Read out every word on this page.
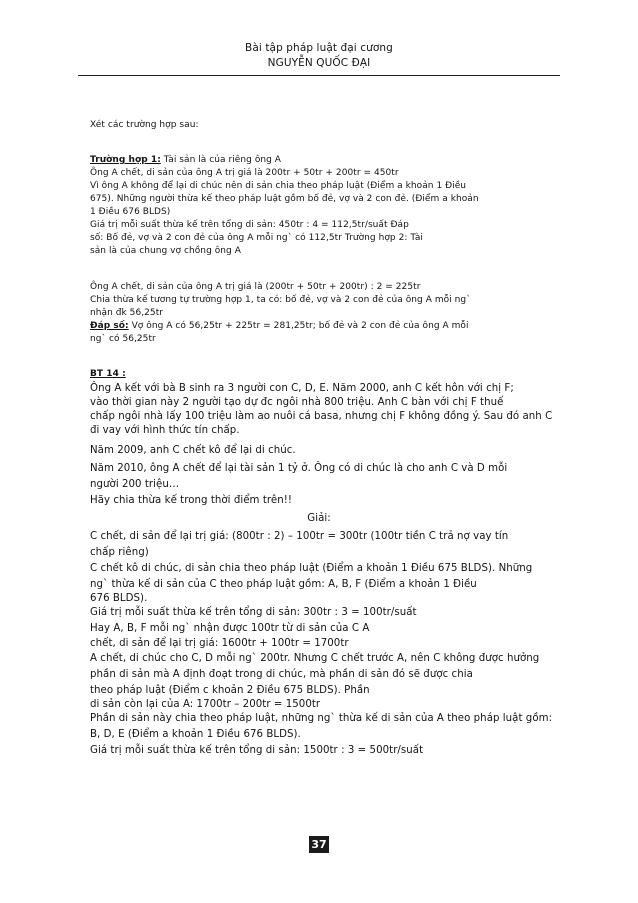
Bài tập pháp luật đại cương
NGUYỄN QUỐC ĐẠI
Xét các trường hợp sau:
Trường hợp 1: Tài sản là của riêng ông A
Ông A chết, di sản của ông A trị giá là 200tr + 50tr + 200tr = 450tr
Vì ông A không để lại di chúc nên di sản chia theo pháp luật (Điểm a khoản 1 Điều
675). Những người thừa kế theo pháp luật gồm bố đẻ, vợ và 2 con đẻ. (Điểm a khoản
1 Điều 676 BLDS)
Giá trị mỗi suất thừa kế trên tổng di sản: 450tr : 4 = 112,5tr/suất Đáp
số: Bố đẻ, vợ và 2 con đẻ của ông A mỗi ng` có 112,5tr Trường hợp 2: Tài
sản là của chung vợ chồng ông A
Ông A chết, di sản của ông A trị giá là (200tr + 50tr + 200tr) : 2 = 225tr
Chia thừa kế tương tự trường hợp 1, ta có: bố đẻ, vợ và 2 con đẻ của ông A mỗi ng`
nhận đk 56,25tr
Đáp số: Vợ ông A có 56,25tr + 225tr = 281,25tr; bố đẻ và 2 con đẻ của ông A mỗi
ng` có 56,25tr
BT 14 :
Ông A kết với bà B sinh ra 3 người con C, D, E. Năm 2000, anh C kết hôn với chị F;
vào thời gian này 2 người tạo dự đc ngôi nhà 800 triệu. Anh C bàn với chị F thuế
chấp ngôi nhà lấy 100 triệu làm ao nuôi cá basa, nhưng chị F không đồng ý. Sau đó anh C
đi vay với hình thức tín chấp.
Năm 2009, anh C chết kô để lại di chúc.
Năm 2010, ông A chết để lại tài sản 1 tỷ ở. Ông có di chúc là cho anh C và D mỗi
người 200 triệu…
Hãy chia thừa kế trong thời điểm trên!!
Giải:
C chết, di sản để lại trị giá: (800tr : 2) – 100tr = 300tr (100tr tiền C trả nợ vay tín
chấp riêng)
C chết kô di chúc, di sản chia theo pháp luật (Điểm a khoản 1 Điều 675 BLDS). Những
ng` thừa kế di sản của C theo pháp luật gồm: A, B, F (Điểm a khoản 1 Điều
676 BLDS).
Giá trị mỗi suất thừa kế trên tổng di sản: 300tr : 3 = 100tr/suất
Hay A, B, F mỗi ng` nhận được 100tr từ di sản của C A
chết, di sản để lại trị giá: 1600tr + 100tr = 1700tr
A chết, di chúc cho C, D mỗi ng` 200tr. Nhưng C chết trước A, nên C không được hưởng
phần di sản mà A định đoạt trong di chúc, mà phần di sản đó sẽ được chia
theo pháp luật (Điểm c khoản 2 Điều 675 BLDS). Phần
di sản còn lại của A: 1700tr – 200tr = 1500tr
Phần di sản này chia theo pháp luật, những ng` thừa kế di sản của A theo pháp luật gồm:
B, D, E (Điểm a khoản 1 Điều 676 BLDS).
Giá trị mỗi suất thừa kế trên tổng di sản: 1500tr : 3 = 500tr/suất
37
